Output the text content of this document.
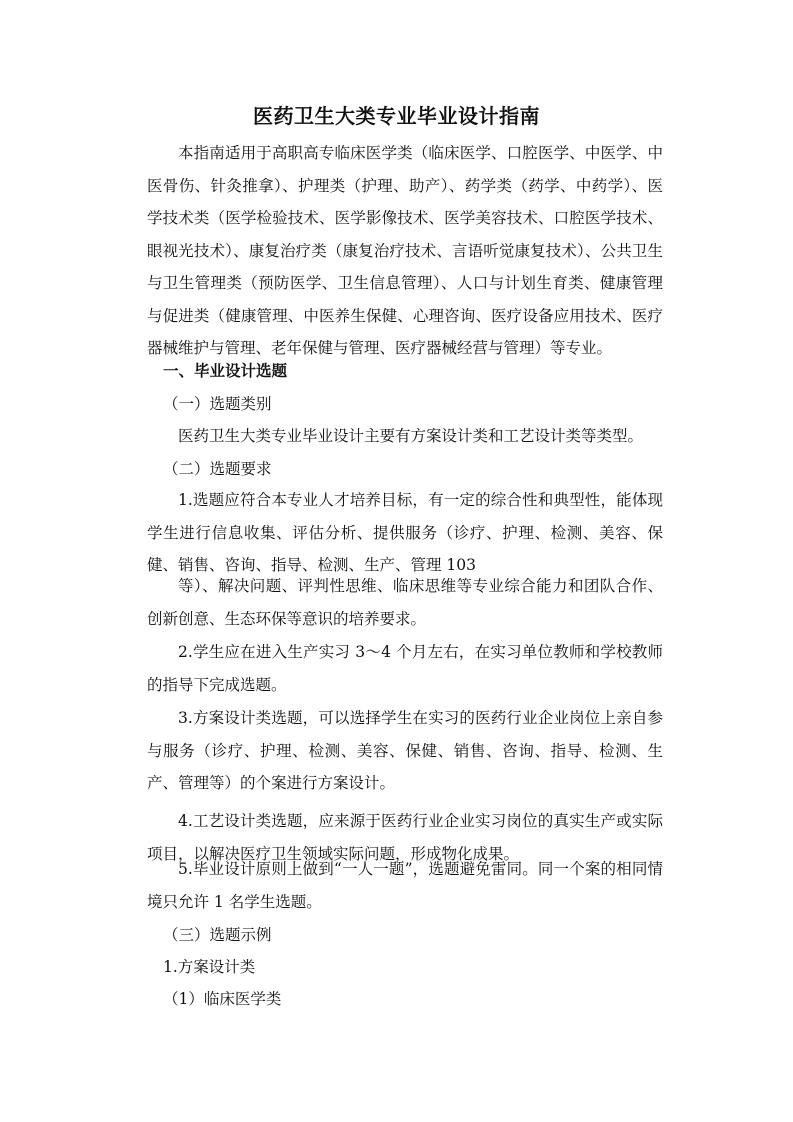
医药卫生大类专业毕业设计指南

本指南适用于高职高专临床医学类（临床医学、口腔医学、中医学、中医骨伤、针灸推拿）、护理类（护理、助产）、药学类（药学、中药学）、医学技术类（医学检验技术、医学影像技术、医学美容技术、口腔医学技术、眼视光技术）、康复治疗类（康复治疗技术、言语听觉康复技术）、公共卫生与卫生管理类（预防医学、卫生信息管理）、人口与计划生育类、健康管理与促进类（健康管理、中医养生保健、心理咨询、医疗设备应用技术、医疗器械维护与管理、老年保健与管理、医疗器械经营与管理）等专业。

一、毕业设计选题

（一）选题类别

医药卫生大类专业毕业设计主要有方案设计类和工艺设计类等类型。

（二）选题要求

1.选题应符合本专业人才培养目标，有一定的综合性和典型性，能体现学生进行信息收集、评估分析、提供服务（诊疗、护理、检测、美容、保健、销售、咨询、指导、检测、生产、管理 103

等）、解决问题、评判性思维、临床思维等专业综合能力和团队合作、创新创意、生态环保等意识的培养要求。

2.学生应在进入生产实习 3～4 个月左右，在实习单位教师和学校教师的指导下完成选题。

3.方案设计类选题，可以选择学生在实习的医药行业企业岗位上亲自参与服务（诊疗、护理、检测、美容、保健、销售、咨询、指导、检测、生产、管理等）的个案进行方案设计。

4.工艺设计类选题，应来源于医药行业企业实习岗位的真实生产或实际项目，以解决医疗卫生领域实际问题，形成物化成果。

5.毕业设计原则上做到“一人一题”，选题避免雷同。同一个案的相同情境只允许 1 名学生选题。

（三）选题示例

1.方案设计类

（1）临床医学类
